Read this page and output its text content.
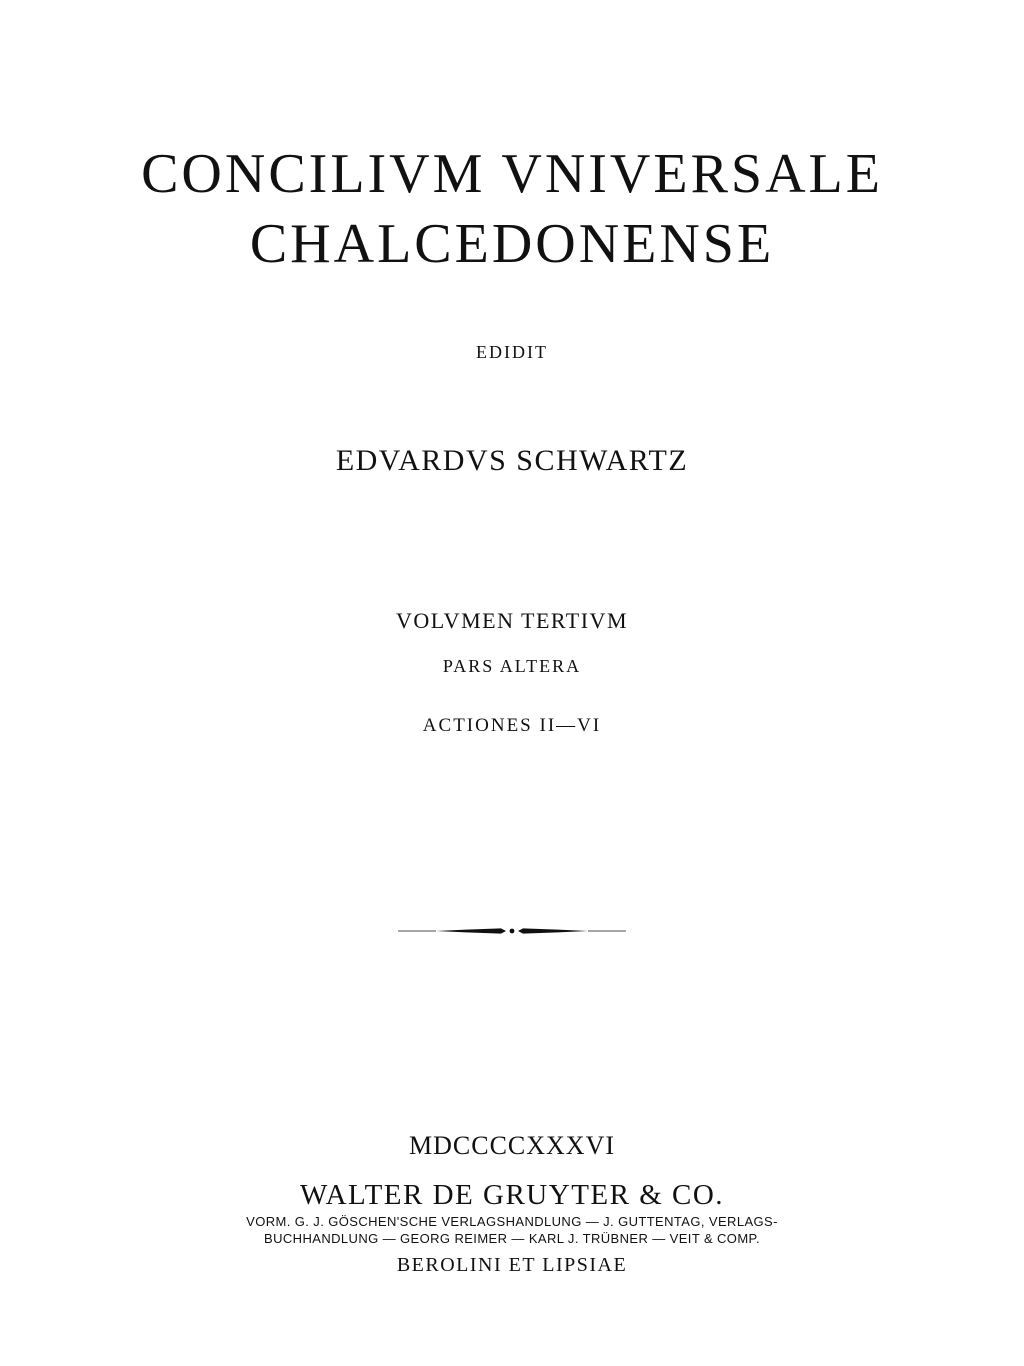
CONCILIVM VNIVERSALE
CHALCEDONENSE
EDIDIT
EDVARDVS SCHWARTZ
VOLVMEN TERTIVM
PARS ALTERA
ACTIONES II—VI
MDCCCCXXXVI
WALTER DE GRUYTER & CO.
VORM. G. J. GÖSCHEN'SCHE VERLAGSHANDLUNG — J. GUTTENTAG, VERLAGS-
BUCHHANDLUNG — GEORG REIMER — KARL J. TRÜBNER — VEIT & COMP.
BEROLINI ET LIPSIAE
